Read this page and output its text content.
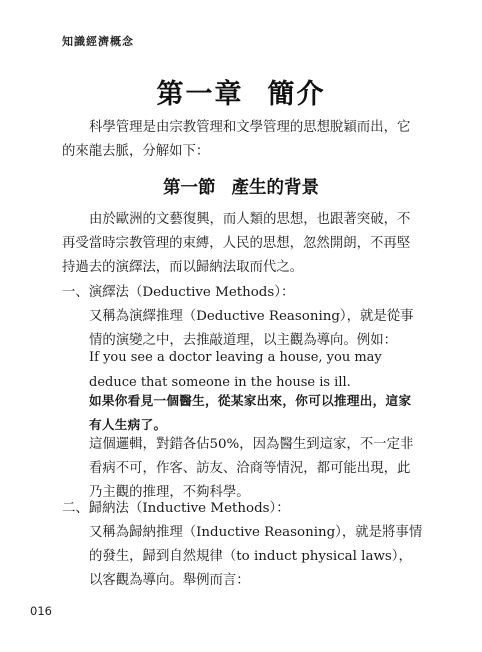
知識經濟概念
第一章 簡介
科學管理是由宗教管理和文學管理的思想脫穎而出，它的來龍去脈，分解如下：
第一節 產生的背景
由於歐洲的文藝復興，而人類的思想，也跟著突破，不再受當時宗教管理的束縛，人民的思想，忽然開朗，不再堅持過去的演繹法，而以歸納法取而代之。
一、演繹法（Deductive Methods）：
又稱為演繹推理（Deductive Reasoning），就是從事情的演變之中，去推敲道理，以主觀為導向。例如：
If you see a doctor leaving a house, you may deduce that someone in the house is ill.
如果你看見一個醫生，從某家出來，你可以推理出，這家有人生病了。
這個邏輯，對錯各佔50%，因為醫生到這家，不一定非看病不可，作客、訪友、洽商等情況，都可能出現，此乃主觀的推理，不夠科學。
二、歸納法（Inductive Methods）：
又稱為歸納推理（Inductive Reasoning），就是將事情的發生，歸到自然規律（to induct physical laws），以客觀為導向。舉例而言：
016
